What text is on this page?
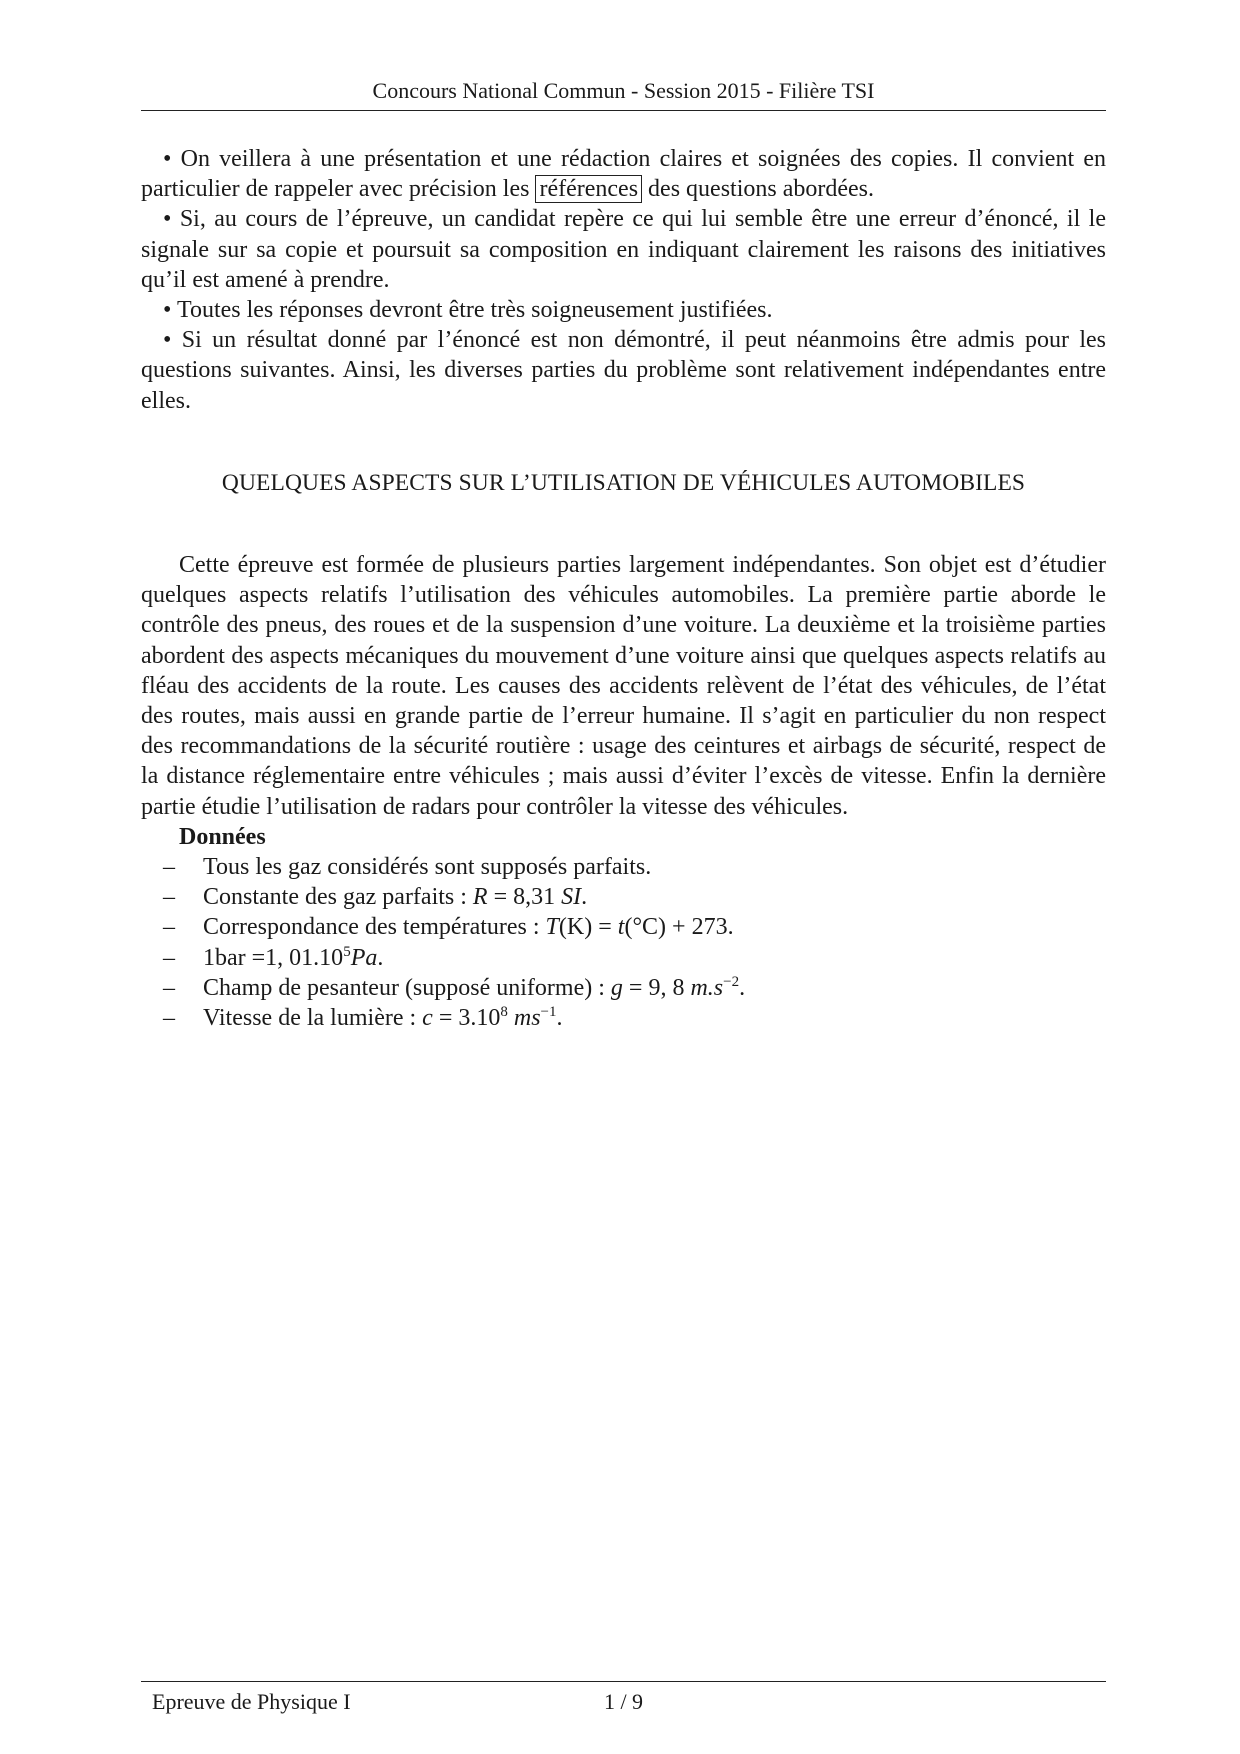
Concours National Commun - Session 2015 - Filière TSI

• On veillera à une présentation et une rédaction claires et soignées des copies. Il convient en particulier de rappeler avec précision les références des questions abordées.

• Si, au cours de l’épreuve, un candidat repère ce qui lui semble être une erreur d’énoncé, il le signale sur sa copie et poursuit sa composition en indiquant clairement les raisons des initiatives qu’il est amené à prendre.

• Toutes les réponses devront être très soigneusement justifiées.

• Si un résultat donné par l’énoncé est non démontré, il peut néanmoins être admis pour les questions suivantes. Ainsi, les diverses parties du problème sont relativement indépendantes entre elles.

QUELQUES ASPECTS SUR L’UTILISATION DE VÉHICULES AUTOMOBILES

Cette épreuve est formée de plusieurs parties largement indépendantes. Son objet est d’étudier quelques aspects relatifs l’utilisation des véhicules automobiles. La première partie aborde le contrôle des pneus, des roues et de la suspension d’une voiture. La deuxième et la troisième parties abordent des aspects mécaniques du mouvement d’une voiture ainsi que quelques aspects relatifs au fléau des accidents de la route. Les causes des accidents relèvent de l’état des véhicules, de l’état des routes, mais aussi en grande partie de l’erreur humaine. Il s’agit en particulier du non respect des recommandations de la sécurité routière : usage des ceintures et airbags de sécurité, respect de la distance réglementaire entre véhicules ; mais aussi d’éviter l’excès de vitesse. Enfin la dernière partie étudie l’utilisation de radars pour contrôler la vitesse des véhicules.

Données

– Tous les gaz considérés sont supposés parfaits.
– Constante des gaz parfaits : R = 8,31 SI.
– Correspondance des températures : T(K) = t(°C) + 273.
– 1bar =1, 01.10$^5$Pa.
– Champ de pesanteur (supposé uniforme) : g = 9, 8 $m.s^{-2}$.
– Vitesse de la lumière : $c = 3.10^8$ $ms^{-1}$.
1 / 9
Epreuve de Physique I
